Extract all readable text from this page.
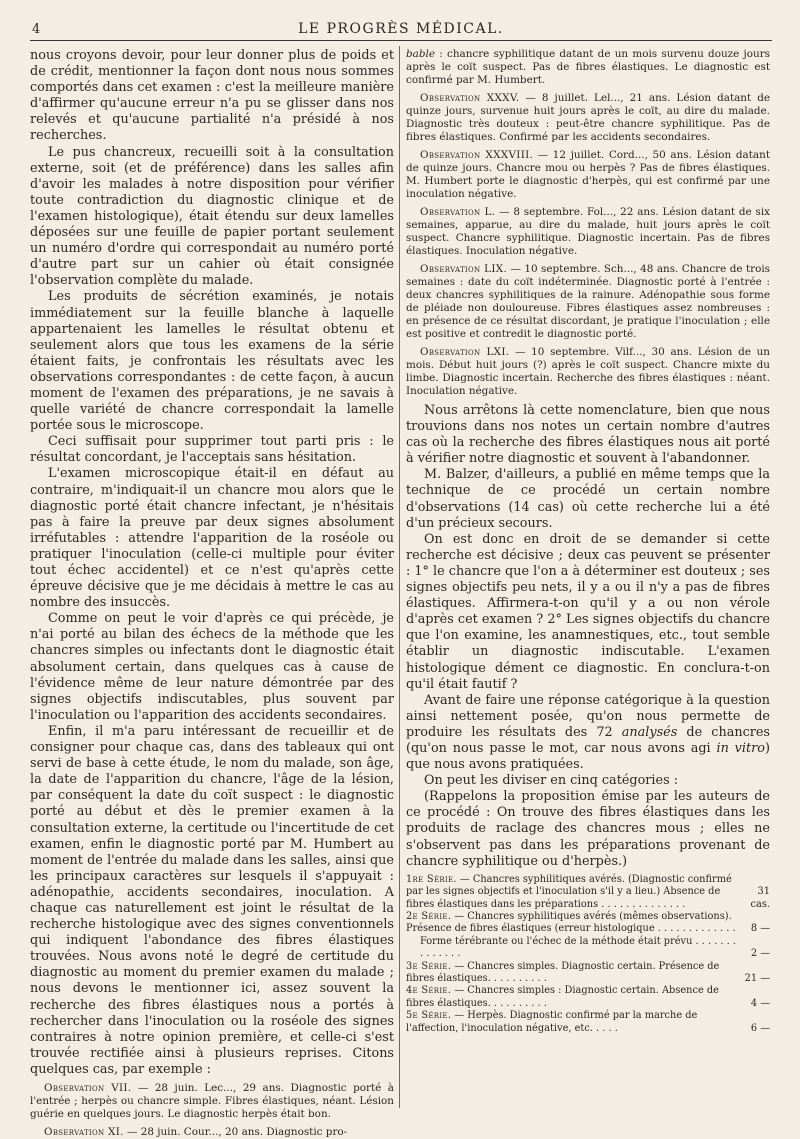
4	LE PROGRÈS MÉDICAL.

nous croyons devoir, pour leur donner plus de poids et de crédit, mentionner la façon dont nous nous sommes comportés dans cet examen : c'est la meilleure manière d'affirmer qu'aucune erreur n'a pu se glisser dans nos relevés et qu'aucune partialité n'a présidé à nos recherches.

Le pus chancreux, recueilli soit à la consultation externe, soit (et de préférence) dans les salles afin d'avoir les malades à notre disposition pour vérifier toute contradiction du diagnostic clinique et de l'examen histologique), était étendu sur deux lamelles déposées sur une feuille de papier portant seulement un numéro d'ordre qui correspondait au numéro porté d'autre part sur un cahier où était consignée l'observation complète du malade.

Les produits de sécrétion examinés, je notais immédiatement sur la feuille blanche à laquelle appartenaient les lamelles le résultat obtenu et seulement alors que tous les examens de la série étaient faits, je confrontais les résultats avec les observations correspondantes : de cette façon, à aucun moment de l'examen des préparations, je ne savais à quelle variété de chancre correspondait la lamelle portée sous le microscope.

Ceci suffisait pour supprimer tout parti pris : le résultat concordant, je l'acceptais sans hésitation.

L'examen microscopique était-il en défaut au contraire, m'indiquait-il un chancre mou alors que le diagnostic porté était chancre infectant, je n'hésitais pas à faire la preuve par deux signes absolument irréfutables : attendre l'apparition de la roséole ou pratiquer l'inoculation (celle-ci multiple pour éviter tout échec accidentel) et ce n'est qu'après cette épreuve décisive que je me décidais à mettre le cas au nombre des insuccès.

Comme on peut le voir d'après ce qui précède, je n'ai porté au bilan des échecs de la méthode que les chancres simples ou infectants dont le diagnostic était absolument certain, dans quelques cas à cause de l'évidence même de leur nature démontrée par des signes objectifs indiscutables, plus souvent par l'inoculation ou l'apparition des accidents secondaires.

Enfin, il m'a paru intéressant de recueillir et de consigner pour chaque cas, dans des tableaux qui ont servi de base à cette étude, le nom du malade, son âge, la date de l'apparition du chancre, l'âge de la lésion, par conséquent la date du coït suspect : le diagnostic porté au début et dès le premier examen à la consultation externe, la certitude ou l'incertitude de cet examen, enfin le diagnostic porté par M. Humbert au moment de l'entrée du malade dans les salles, ainsi que les principaux caractères sur lesquels il s'appuyait : adénopathie, accidents secondaires, inoculation. A chaque cas naturellement est joint le résultat de la recherche histologique avec des signes conventionnels qui indiquent l'abondance des fibres élastiques trouvées. Nous avons noté le degré de certitude du diagnostic au moment du premier examen du malade ; nous devons le mentionner ici, assez souvent la recherche des fibres élastiques nous a portés à rechercher dans l'inoculation ou la roséole des signes contraires à notre opinion première, et celle-ci s'est trouvée rectifiée ainsi à plusieurs reprises. Citons quelques cas, par exemple :

Observation VII. — 28 juin. Lec..., 29 ans. Diagnostic porté à l'entrée ; herpès ou chancre simple. Fibres élastiques, néant. Lésion guérie en quelques jours. Le diagnostic herpès était bon.

Observation XI. — 28 juin. Cour..., 20 ans. Diagnostic pro-

bable : chancre syphilitique datant de un mois survenu douze jours après le coït suspect. Pas de fibres élastiques. Le diagnostic est confirmé par M. Humbert.

Observation XXXV. — 8 juillet. Lel..., 21 ans. Lésion datant de quinze jours, survenue huit jours après le coït, au dire du malade. Diagnostic très douteux : peut-être chancre syphilitique. Pas de fibres élastiques. Confirmé par les accidents secondaires.

Observation XXXVIII. — 12 juillet. Cord..., 50 ans. Lésion datant de quinze jours. Chancre mou ou herpès ? Pas de fibres élastiques. M. Humbert porte le diagnostic d'herpès, qui est confirmé par une inoculation négative.

Observation L. — 8 septembre. Fol..., 22 ans. Lésion datant de six semaines, apparue, au dire du malade, huit jours après le coït suspect. Chancre syphilitique. Diagnostic incertain. Pas de fibres élastiques. Inoculation négative.

Observation LIX. — 10 septembre. Sch..., 48 ans. Chancre de trois semaines : date du coït indéterminée. Diagnostic porté à l'entrée : deux chancres syphilitiques de la rainure. Adénopathie sous forme de pléiade non douloureuse. Fibres élastiques assez nombreuses : en présence de ce résultat discordant, je pratique l'inoculation ; elle est positive et contredit le diagnostic porté.

Observation LXI. — 10 septembre. Vilf..., 30 ans. Lésion de un mois. Début huit jours (?) après le coït suspect. Chancre mixte du limbe. Diagnostic incertain. Recherche des fibres élastiques : néant. Inoculation négative.

Nous arrêtons là cette nomenclature, bien que nous trouvions dans nos notes un certain nombre d'autres cas où la recherche des fibres élastiques nous ait porté à vérifier notre diagnostic et souvent à l'abandonner.

M. Balzer, d'ailleurs, a publié en même temps que la technique de ce procédé un certain nombre d'observations (14 cas) où cette recherche lui a été d'un précieux secours.

On est donc en droit de se demander si cette recherche est décisive ; deux cas peuvent se présenter : 1° le chancre que l'on a à déterminer est douteux ; ses signes objectifs peu nets, il y a ou il n'y a pas de fibres élastiques. Affirmera-t-on qu'il y a ou non vérole d'après cet examen ? 2° Les signes objectifs du chancre que l'on examine, les anamnestiques, etc., tout semble établir un diagnostic indiscutable. L'examen histologique dément ce diagnostic. En conclura-t-on qu'il était fautif ?

Avant de faire une réponse catégorique à la question ainsi nettement posée, qu'on nous permette de produire les résultats des 72 analysés de chancres (qu'on nous passe le mot, car nous avons agi in vitro) que nous avons pratiquées.

On peut les diviser en cinq catégories :

(Rappelons la proposition émise par les auteurs de ce procédé : On trouve des fibres élastiques dans les produits de raclage des chancres mous ; elles ne s'observent pas dans les préparations provenant de chancre syphilitique ou d'herpès.)

1re Série. — Chancres syphilitiques avérés. (Diagnostic confirmé par les signes objectifs et l'inoculation s'il y a lieu.) Absence de fibres élastiques dans les préparations . . . . . . . . . . . . . .
31 cas.
2e Série. — Chancres syphilitiques avérés (mêmes observations). Présence de fibres élastiques (erreur histologique . . . . . . . . . . . . .	8 —
Forme térébrante ou l'échec de la méthode était prévu . . . . . . . . . . . . . .	2 —
3e Série. — Chancres simples. Diagnostic certain. Présence de fibres élastiques. . . . . . . . . .	21 —
4e Série. — Chancres simples : Diagnostic certain. Absence de fibres élastiques. . . . . . . . . .	4 —
5e Série. — Herpès. Diagnostic confirmé par la marche de l'affection, l'inoculation négative, etc. . . . .	6 —
